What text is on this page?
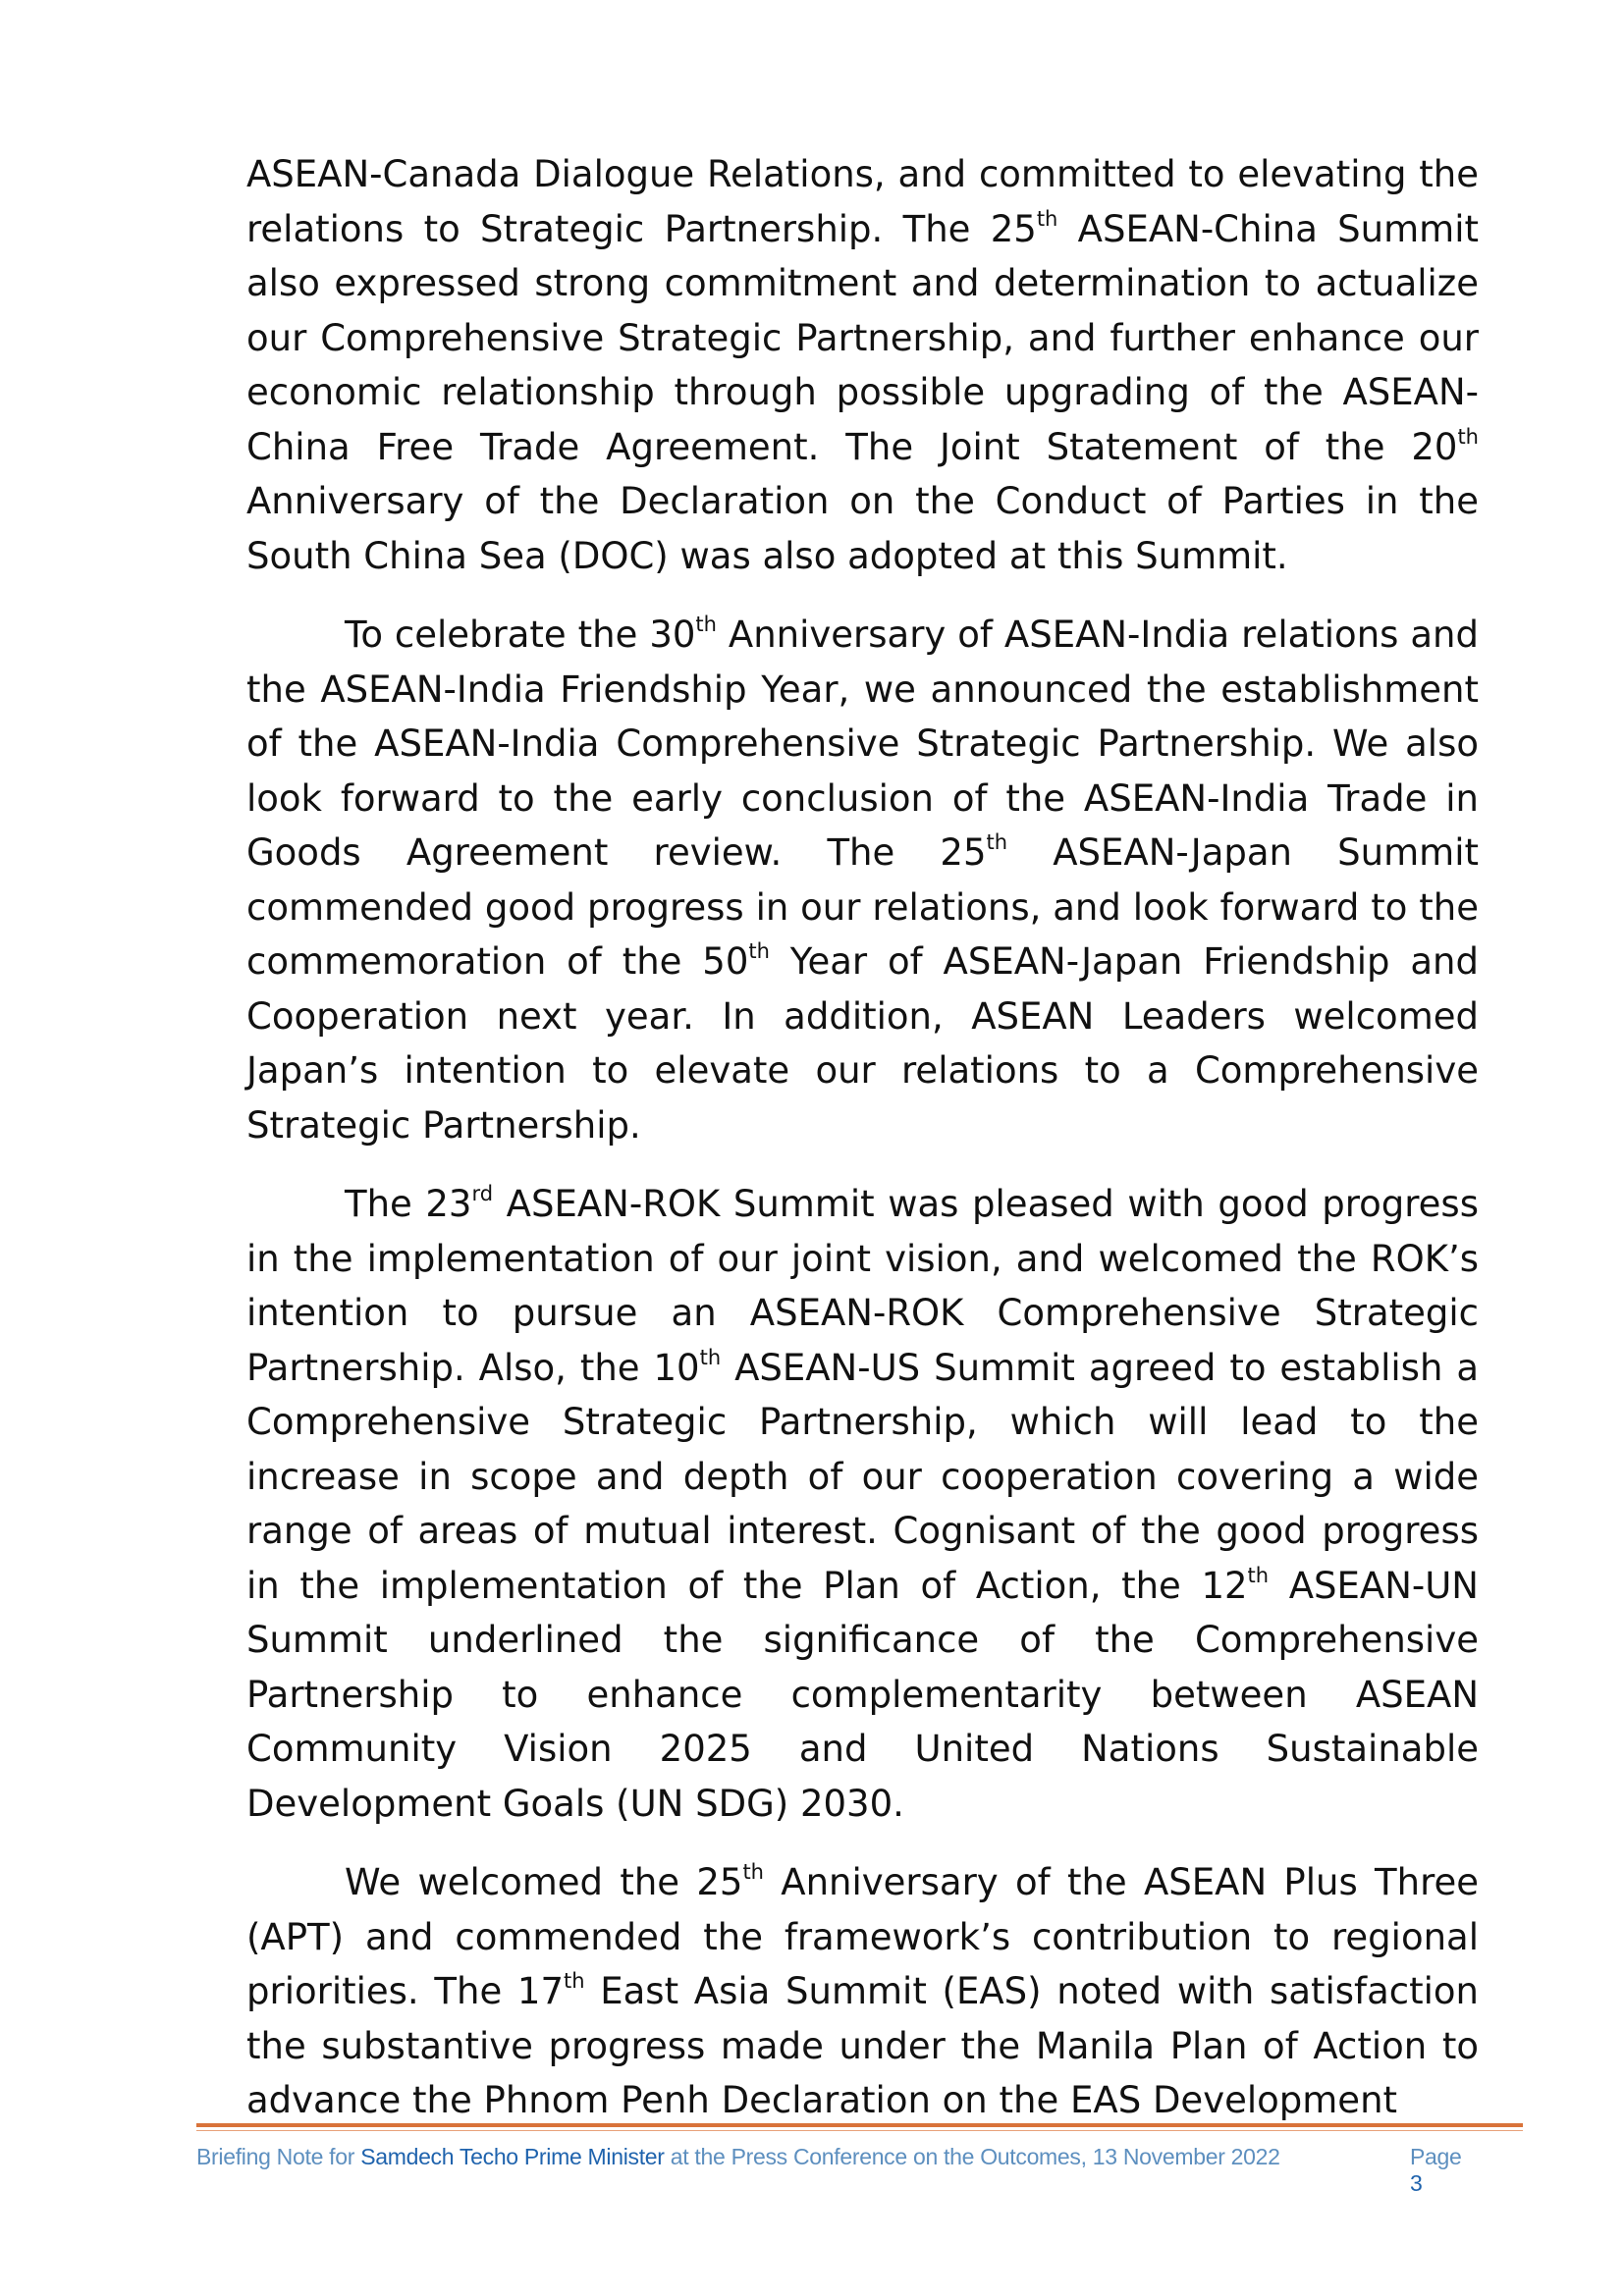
ASEAN-Canada Dialogue Relations, and committed to elevating the relations to Strategic Partnership. The 25th ASEAN-China Summit also expressed strong commitment and determination to actualize our Comprehensive Strategic Partnership, and further enhance our economic relationship through possible upgrading of the ASEAN-China Free Trade Agreement. The Joint Statement of the 20th Anniversary of the Declaration on the Conduct of Parties in the South China Sea (DOC) was also adopted at this Summit.

To celebrate the 30th Anniversary of ASEAN-India relations and the ASEAN-India Friendship Year, we announced the establishment of the ASEAN-India Comprehensive Strategic Partnership. We also look forward to the early conclusion of the ASEAN-India Trade in Goods Agreement review. The 25th ASEAN-Japan Summit commended good progress in our relations, and look forward to the commemoration of the 50th Year of ASEAN-Japan Friendship and Cooperation next year. In addition, ASEAN Leaders welcomed Japan’s intention to elevate our relations to a Comprehensive Strategic Partnership.

The 23rd ASEAN-ROK Summit was pleased with good progress in the implementation of our joint vision, and welcomed the ROK’s intention to pursue an ASEAN-ROK Comprehensive Strategic Partnership. Also, the 10th ASEAN-US Summit agreed to establish a Comprehensive Strategic Partnership, which will lead to the increase in scope and depth of our cooperation covering a wide range of areas of mutual interest. Cognisant of the good progress in the implementation of the Plan of Action, the 12th ASEAN-UN Summit underlined the significance of the Comprehensive Partnership to enhance complementarity between ASEAN Community Vision 2025 and United Nations Sustainable Development Goals (UN SDG) 2030.

We welcomed the 25th Anniversary of the ASEAN Plus Three (APT) and commended the framework’s contribution to regional priorities. The 17th East Asia Summit (EAS) noted with satisfaction the substantive progress made under the Manila Plan of Action to advance the Phnom Penh Declaration on the EAS Development

Briefing Note for Samdech Techo Prime Minister at the Press Conference on the Outcomes, 13 November 2022	Page 3
